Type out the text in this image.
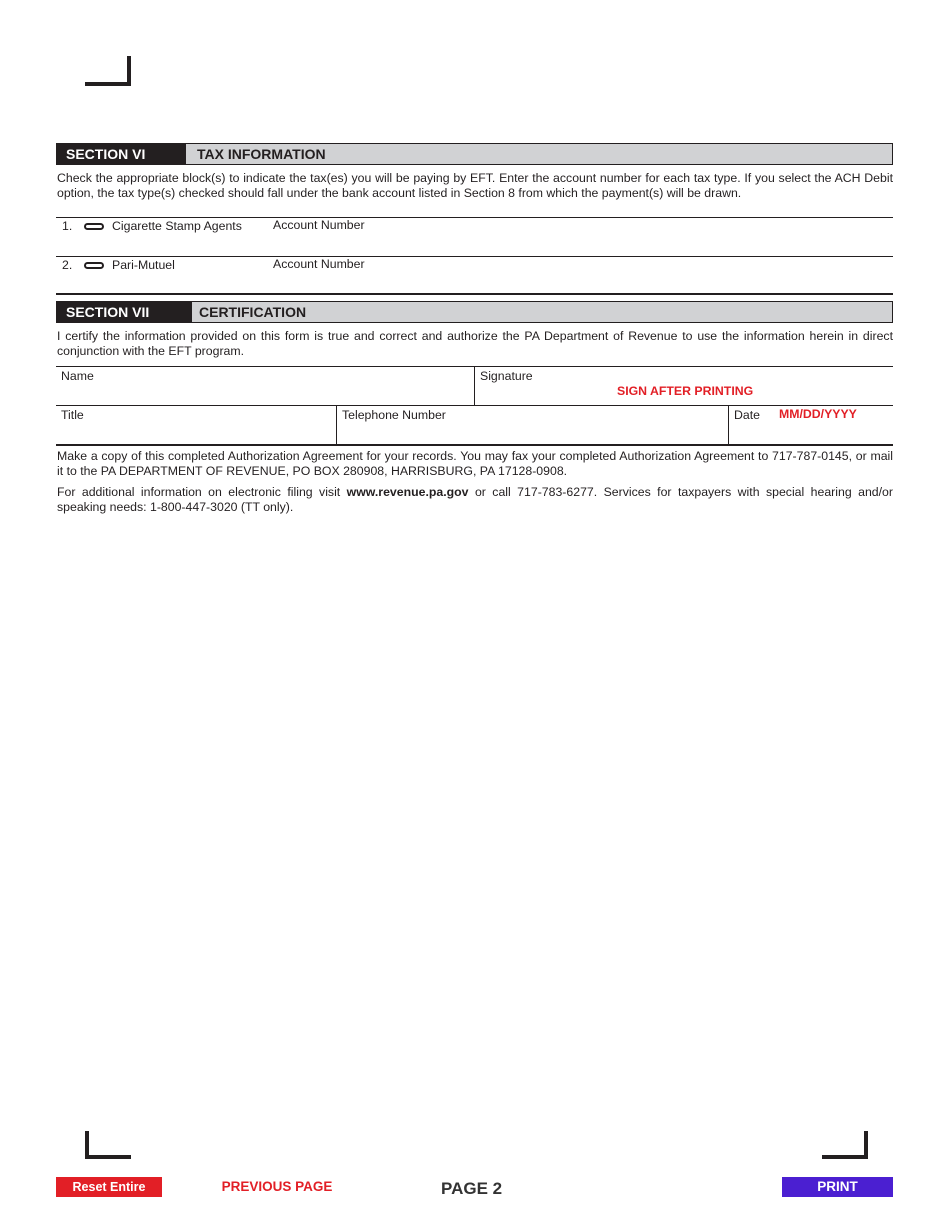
SECTION VI	TAX INFORMATION
Check the appropriate block(s) to indicate the tax(es) you will be paying by EFT. Enter the account number for each tax type. If you select the ACH Debit option, the tax type(s) checked should fall under the bank account listed in Section 8 from which the payment(s) will be drawn.
1.	Cigarette Stamp Agents	Account Number
2.	Pari-Mutuel	Account Number
SECTION VII	CERTIFICATION
I certify the information provided on this form is true and correct and authorize the PA Department of Revenue to use the information herein in direct conjunction with the EFT program.
Name	Signature
SIGN AFTER PRINTING
Title	Telephone Number	Date MM/DD/YYYY
Make a copy of this completed Authorization Agreement for your records. You may fax your completed Authorization Agreement to 717-787-0145, or mail it to the PA DEPARTMENT OF REVENUE, PO BOX 280908, HARRISBURG, PA 17128-0908.
For additional information on electronic filing visit www.revenue.pa.gov or call 717-783-6277. Services for taxpayers with special hearing and/or speaking needs: 1-800-447-3020 (TT only).
Reset Entire Form
PREVIOUS PAGE	PAGE 2	PRINT
